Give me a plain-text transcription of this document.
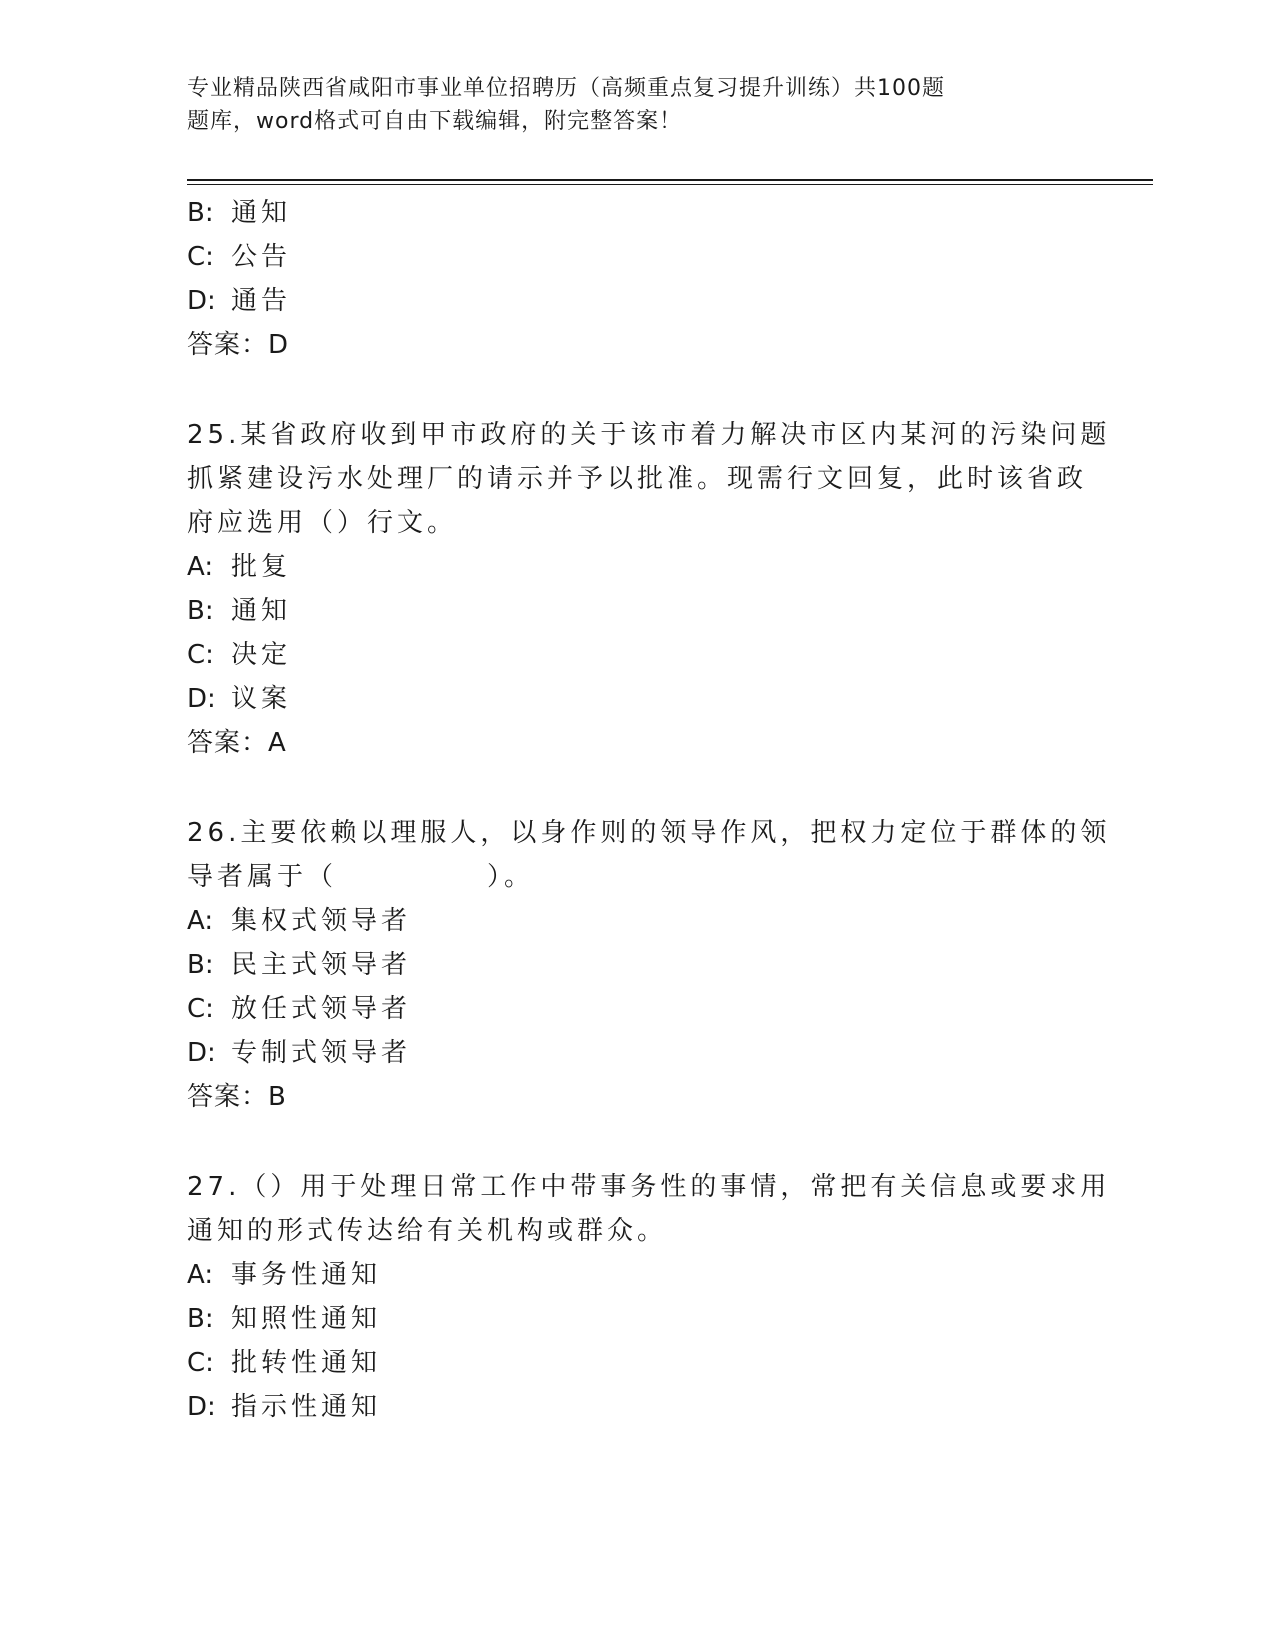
专业精品陕西省咸阳市事业单位招聘历（高频重点复习提升训练）共100题
题库，word格式可自由下载编辑，附完整答案！
B: 通知
C: 公告
D: 通告
答案：D
25.某省政府收到甲市政府的关于该市着力解决市区内某河的污染问题
抓紧建设污水处理厂的请示并予以批准。现需行文回复，此时该省政
府应选用（）行文。
A: 批复
B: 通知
C: 决定
D: 议案
答案：A
26.主要依赖以理服人，以身作则的领导作风，把权力定位于群体的领
导者属于（　　　　　）。
A: 集权式领导者
B: 民主式领导者
C: 放任式领导者
D: 专制式领导者
答案：B
27.（）用于处理日常工作中带事务性的事情，常把有关信息或要求用
通知的形式传达给有关机构或群众。
A: 事务性通知
B: 知照性通知
C: 批转性通知
D: 指示性通知
